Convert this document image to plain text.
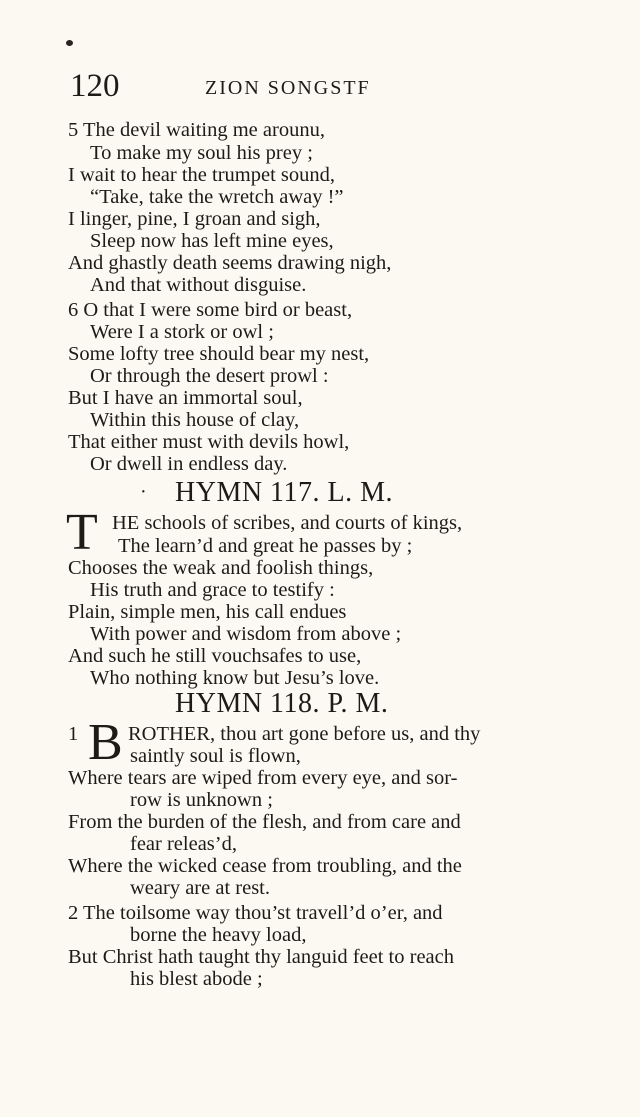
120	ZION SONGSTF
5 The devil waiting me arounu,
To make my soul his prey ;
I wait to hear the trumpet sound,
“Take, take the wretch away !”
I linger, pine, I groan and sigh,
Sleep now has left mine eyes,
And ghastly death seems drawing nigh,
And that without disguise.
6 O that I were some bird or beast,
Were I a stork or owl ;
Some lofty tree should bear my nest,
Or through the desert prowl :
But I have an immortal soul,
Within this house of clay,
That either must with devils howl,
Or dwell in endless day.
· HYMN 117. L. M.
T HE schools of scribes, and courts of kings,
The learn’d and great he passes by ;
Chooses the weak and foolish things,
His truth and grace to testify :
Plain, simple men, his call endues
With power and wisdom from above ;
And such he still vouchsafes to use,
Who nothing know but Jesu’s love.
HYMN 118. P. M.
1 B ROTHER, thou art gone before us, and thy
saintly soul is flown,
Where tears are wiped from every eye, and sor-
row is unknown ;
From the burden of the flesh, and from care and
fear releas’d,
Where the wicked cease from troubling, and the
weary are at rest.
2 The toilsome way thou’st travell’d o’er, and
borne the heavy load,
But Christ hath taught thy languid feet to reach
his blest abode ;
